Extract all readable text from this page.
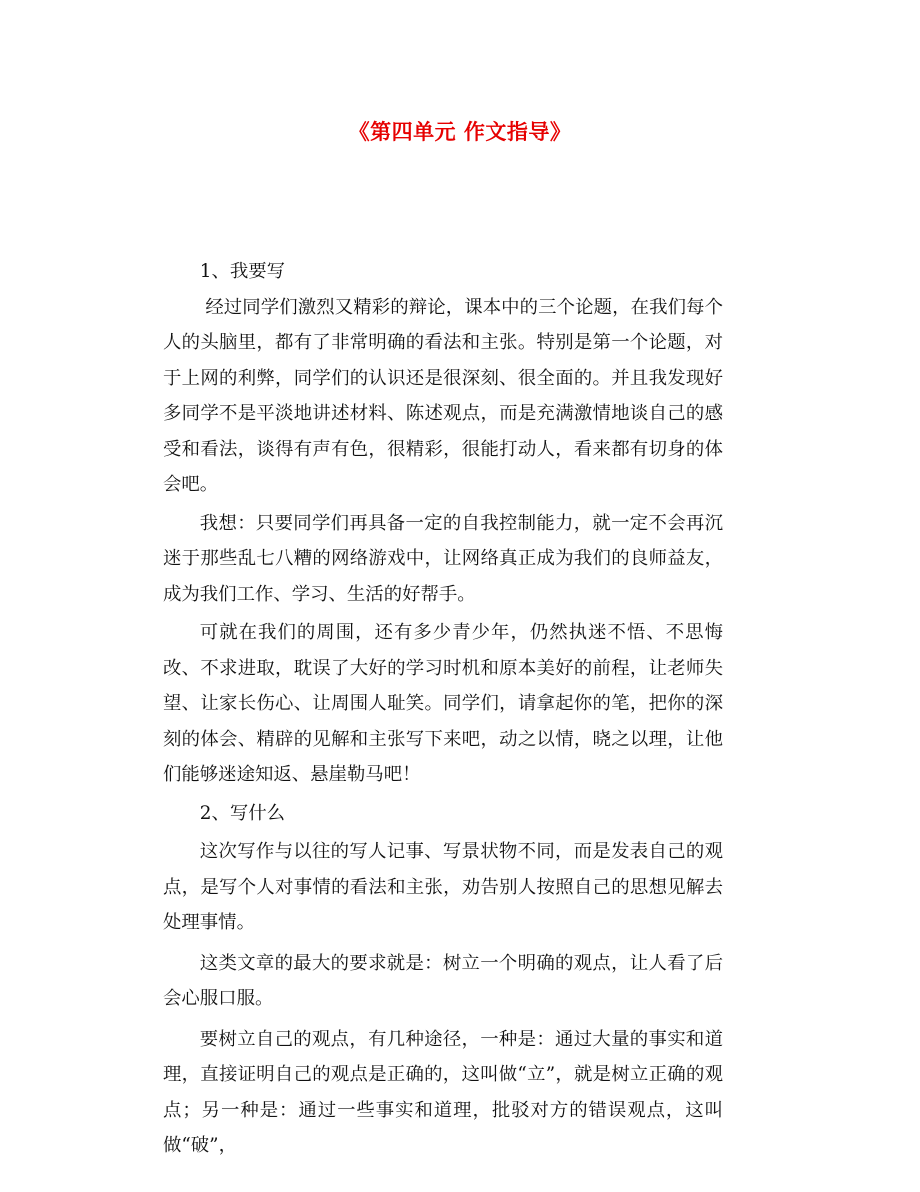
《第四单元 作文指导》

1、我要写

经过同学们激烈又精彩的辩论，课本中的三个论题，在我们每个人的头脑里，都有了非常明确的看法和主张。特别是第一个论题，对于上网的利弊，同学们的认识还是很深刻、很全面的。并且我发现好多同学不是平淡地讲述材料、陈述观点，而是充满激情地谈自己的感受和看法，谈得有声有色，很精彩，很能打动人，看来都有切身的体会吧。

我想：只要同学们再具备一定的自我控制能力，就一定不会再沉迷于那些乱七八糟的网络游戏中，让网络真正成为我们的良师益友，成为我们工作、学习、生活的好帮手。

可就在我们的周围，还有多少青少年，仍然执迷不悟、不思悔改、不求进取，耽误了大好的学习时机和原本美好的前程，让老师失望、让家长伤心、让周围人耻笑。同学们，请拿起你的笔，把你的深刻的体会、精辟的见解和主张写下来吧，动之以情，晓之以理，让他们能够迷途知返、悬崖勒马吧！

2、写什么

这次写作与以往的写人记事、写景状物不同，而是发表自己的观点，是写个人对事情的看法和主张，劝告别人按照自己的思想见解去处理事情。

这类文章的最大的要求就是：树立一个明确的观点，让人看了后会心服口服。

要树立自己的观点，有几种途径，一种是：通过大量的事实和道理，直接证明自己的观点是正确的，这叫做“立”，就是树立正确的观点；另一种是：通过一些事实和道理，批驳对方的错误观点，这叫做“破”，
